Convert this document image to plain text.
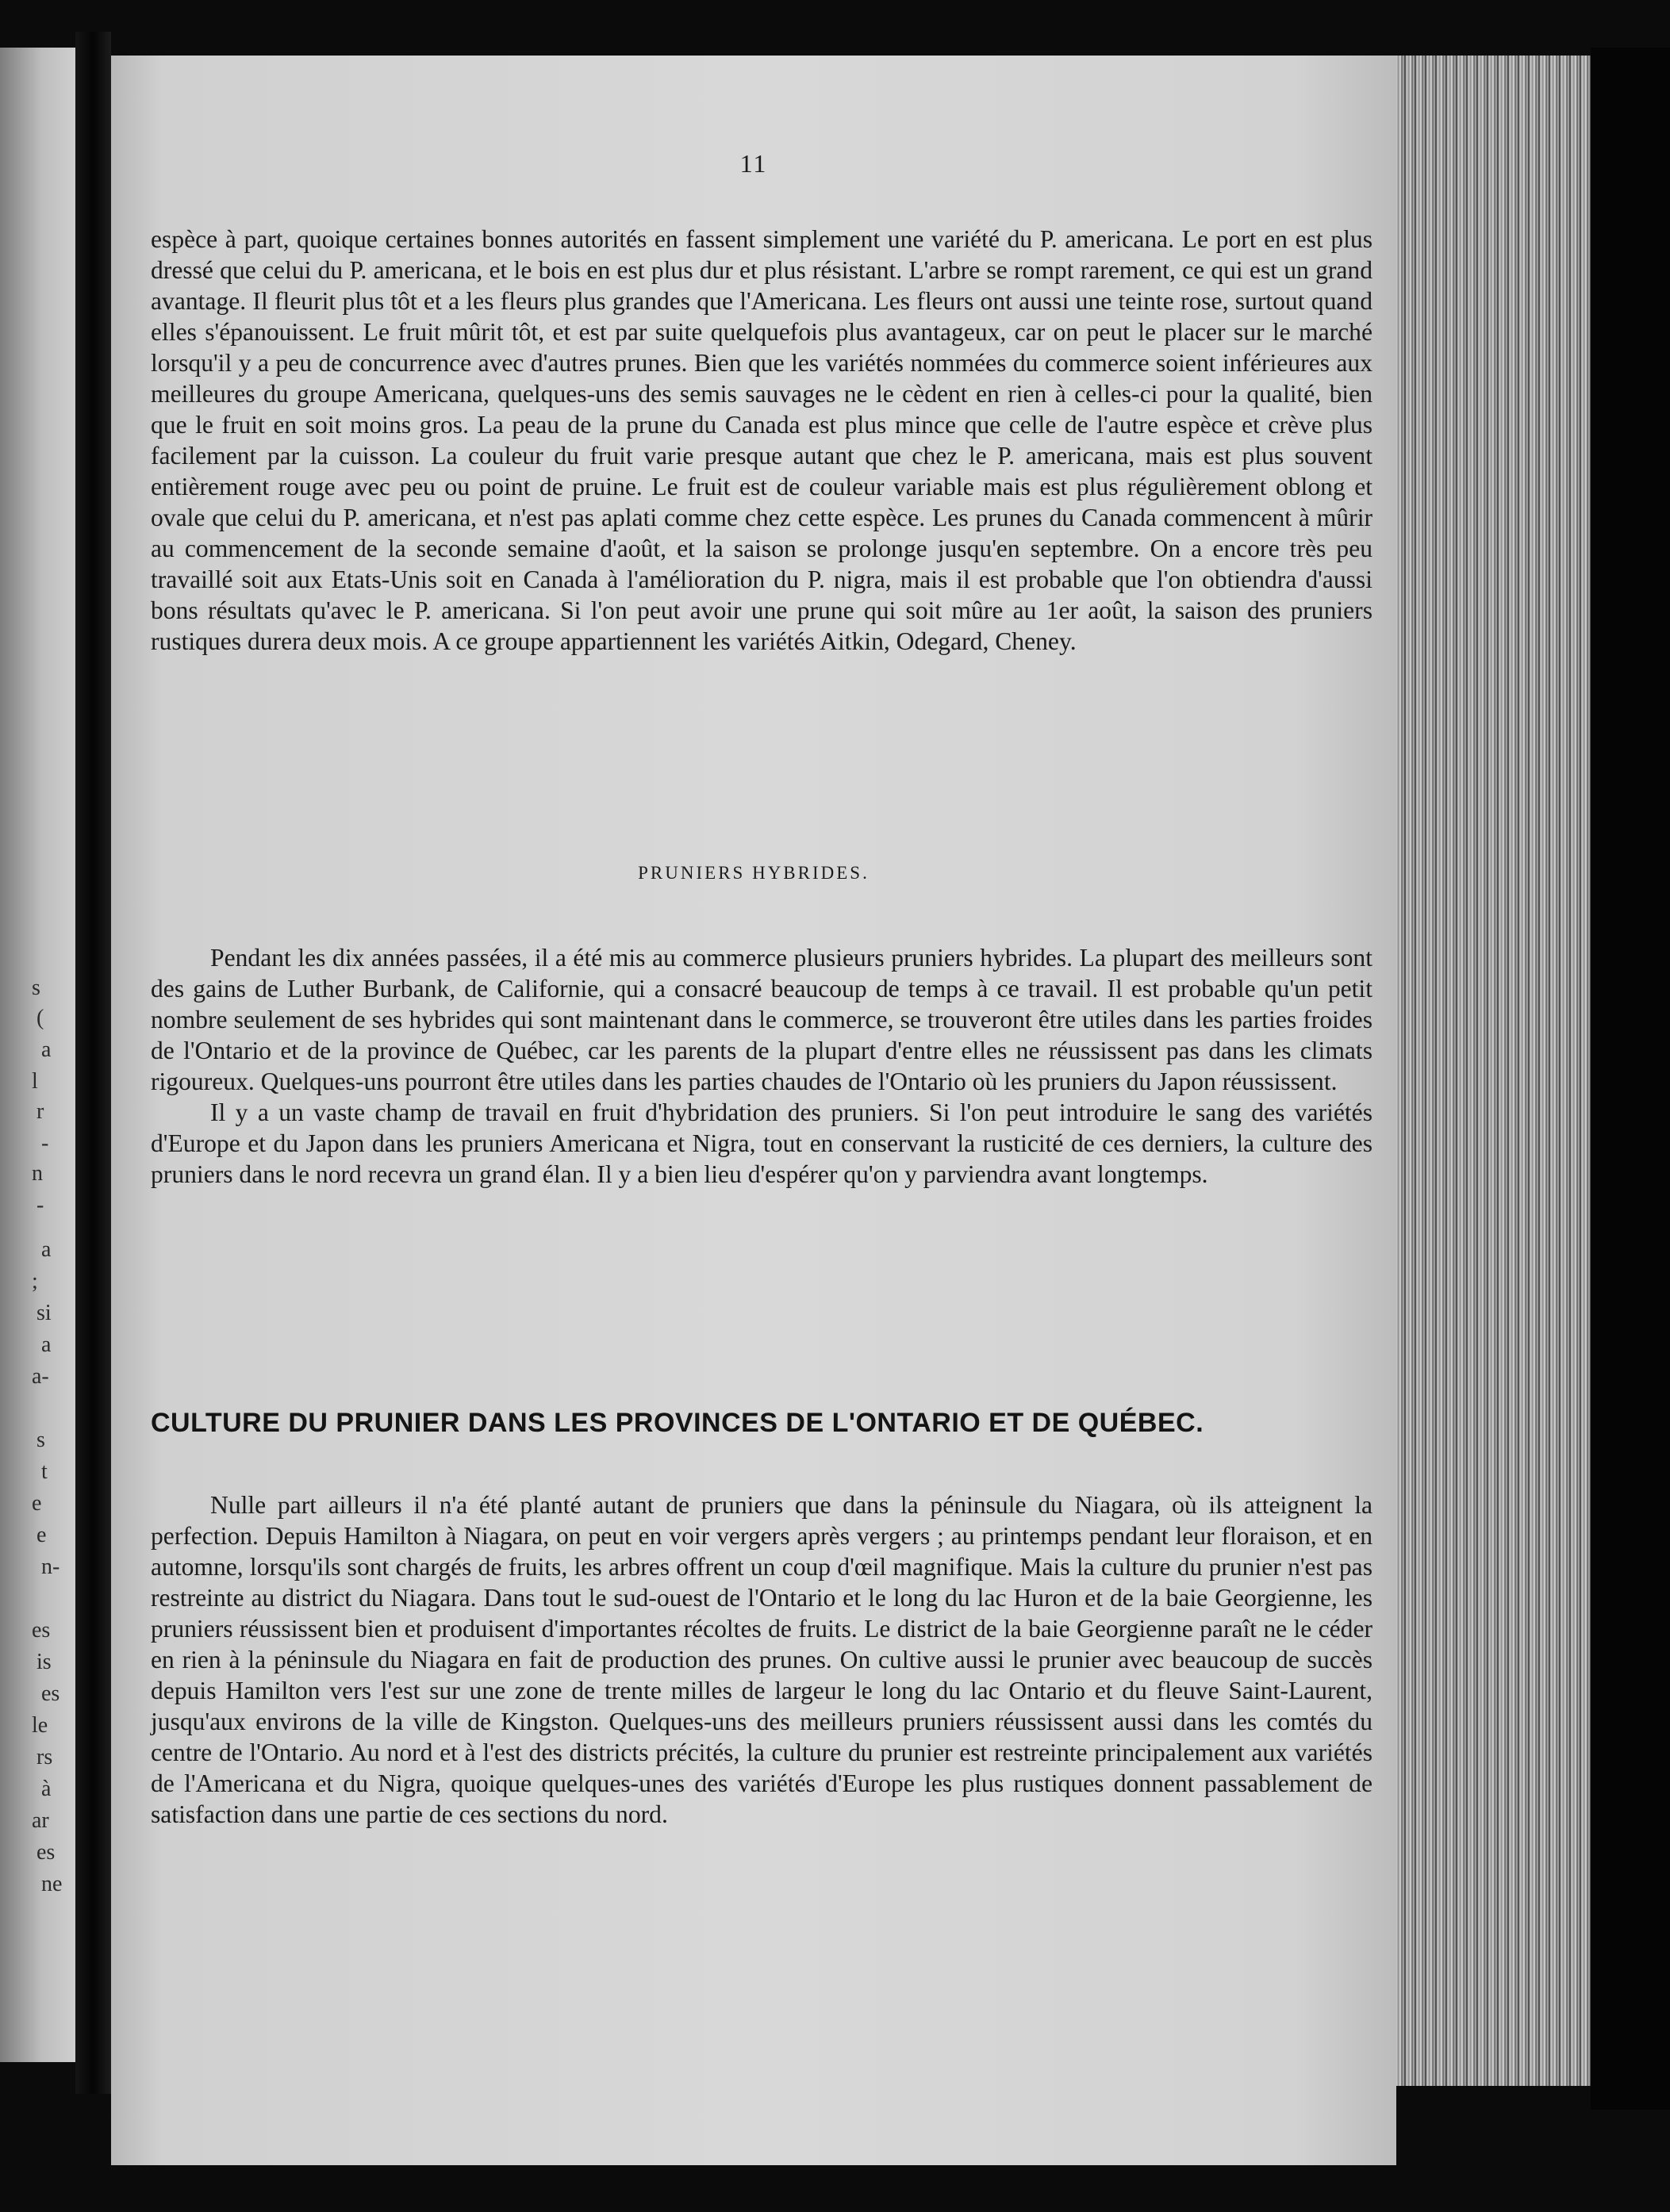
s
(
a
l
r
-
n
-
a
;
si
a
a-
s
t
e
e
n-
es
is
es
le
rs
à
ar
es
ne
11

espèce à part, quoique certaines bonnes autorités en fassent simplement une variété du P. americana. Le port en est plus dressé que celui du P. americana, et le bois en est plus dur et plus résistant. L'arbre se rompt rarement, ce qui est un grand avantage. Il fleurit plus tôt et a les fleurs plus grandes que l'Americana. Les fleurs ont aussi une teinte rose, surtout quand elles s'épanouissent. Le fruit mûrit tôt, et est par suite quelquefois plus avantageux, car on peut le placer sur le marché lorsqu'il y a peu de concurrence avec d'autres prunes. Bien que les variétés nommées du commerce soient inférieures aux meilleures du groupe Americana, quelques-uns des semis sauvages ne le cèdent en rien à celles-ci pour la qualité, bien que le fruit en soit moins gros. La peau de la prune du Canada est plus mince que celle de l'autre espèce et crève plus facilement par la cuisson. La couleur du fruit varie presque autant que chez le P. americana, mais est plus souvent entièrement rouge avec peu ou point de pruine. Le fruit est de couleur variable mais est plus régulièrement oblong et ovale que celui du P. americana, et n'est pas aplati comme chez cette espèce. Les prunes du Canada commencent à mûrir au commencement de la seconde semaine d'août, et la saison se prolonge jusqu'en septembre. On a encore très peu travaillé soit aux Etats-Unis soit en Canada à l'amélioration du P. nigra, mais il est probable que l'on obtiendra d'aussi bons résultats qu'avec le P. americana. Si l'on peut avoir une prune qui soit mûre au 1er août, la saison des pruniers rustiques durera deux mois. A ce groupe appartiennent les variétés Aitkin, Odegard, Cheney.

PRUNIERS HYBRIDES.

Pendant les dix années passées, il a été mis au commerce plusieurs pruniers hybrides. La plupart des meilleurs sont des gains de Luther Burbank, de Californie, qui a consacré beaucoup de temps à ce travail. Il est probable qu'un petit nombre seulement de ses hybrides qui sont maintenant dans le commerce, se trouveront être utiles dans les parties froides de l'Ontario et de la province de Québec, car les parents de la plupart d'entre elles ne réussissent pas dans les climats rigoureux. Quelques-uns pourront être utiles dans les parties chaudes de l'Ontario où les pruniers du Japon réussissent.

Il y a un vaste champ de travail en fruit d'hybridation des pruniers. Si l'on peut introduire le sang des variétés d'Europe et du Japon dans les pruniers Americana et Nigra, tout en conservant la rusticité de ces derniers, la culture des pruniers dans le nord recevra un grand élan. Il y a bien lieu d'espérer qu'on y parviendra avant longtemps.

CULTURE DU PRUNIER DANS LES PROVINCES DE L'ONTARIO ET DE QUÉBEC.

Nulle part ailleurs il n'a été planté autant de pruniers que dans la péninsule du Niagara, où ils atteignent la perfection. Depuis Hamilton à Niagara, on peut en voir vergers après vergers ; au printemps pendant leur floraison, et en automne, lorsqu'ils sont chargés de fruits, les arbres offrent un coup d'œil magnifique. Mais la culture du prunier n'est pas restreinte au district du Niagara. Dans tout le sud-ouest de l'Ontario et le long du lac Huron et de la baie Georgienne, les pruniers réussissent bien et produisent d'importantes récoltes de fruits. Le district de la baie Georgienne paraît ne le céder en rien à la péninsule du Niagara en fait de production des prunes. On cultive aussi le prunier avec beaucoup de succès depuis Hamilton vers l'est sur une zone de trente milles de largeur le long du lac Ontario et du fleuve Saint-Laurent, jusqu'aux environs de la ville de Kingston. Quelques-uns des meilleurs pruniers réussissent aussi dans les comtés du centre de l'Ontario. Au nord et à l'est des districts précités, la culture du prunier est restreinte principalement aux variétés de l'Americana et du Nigra, quoique quelques-unes des variétés d'Europe les plus rustiques donnent passablement de satisfaction dans une partie de ces sections du nord.
